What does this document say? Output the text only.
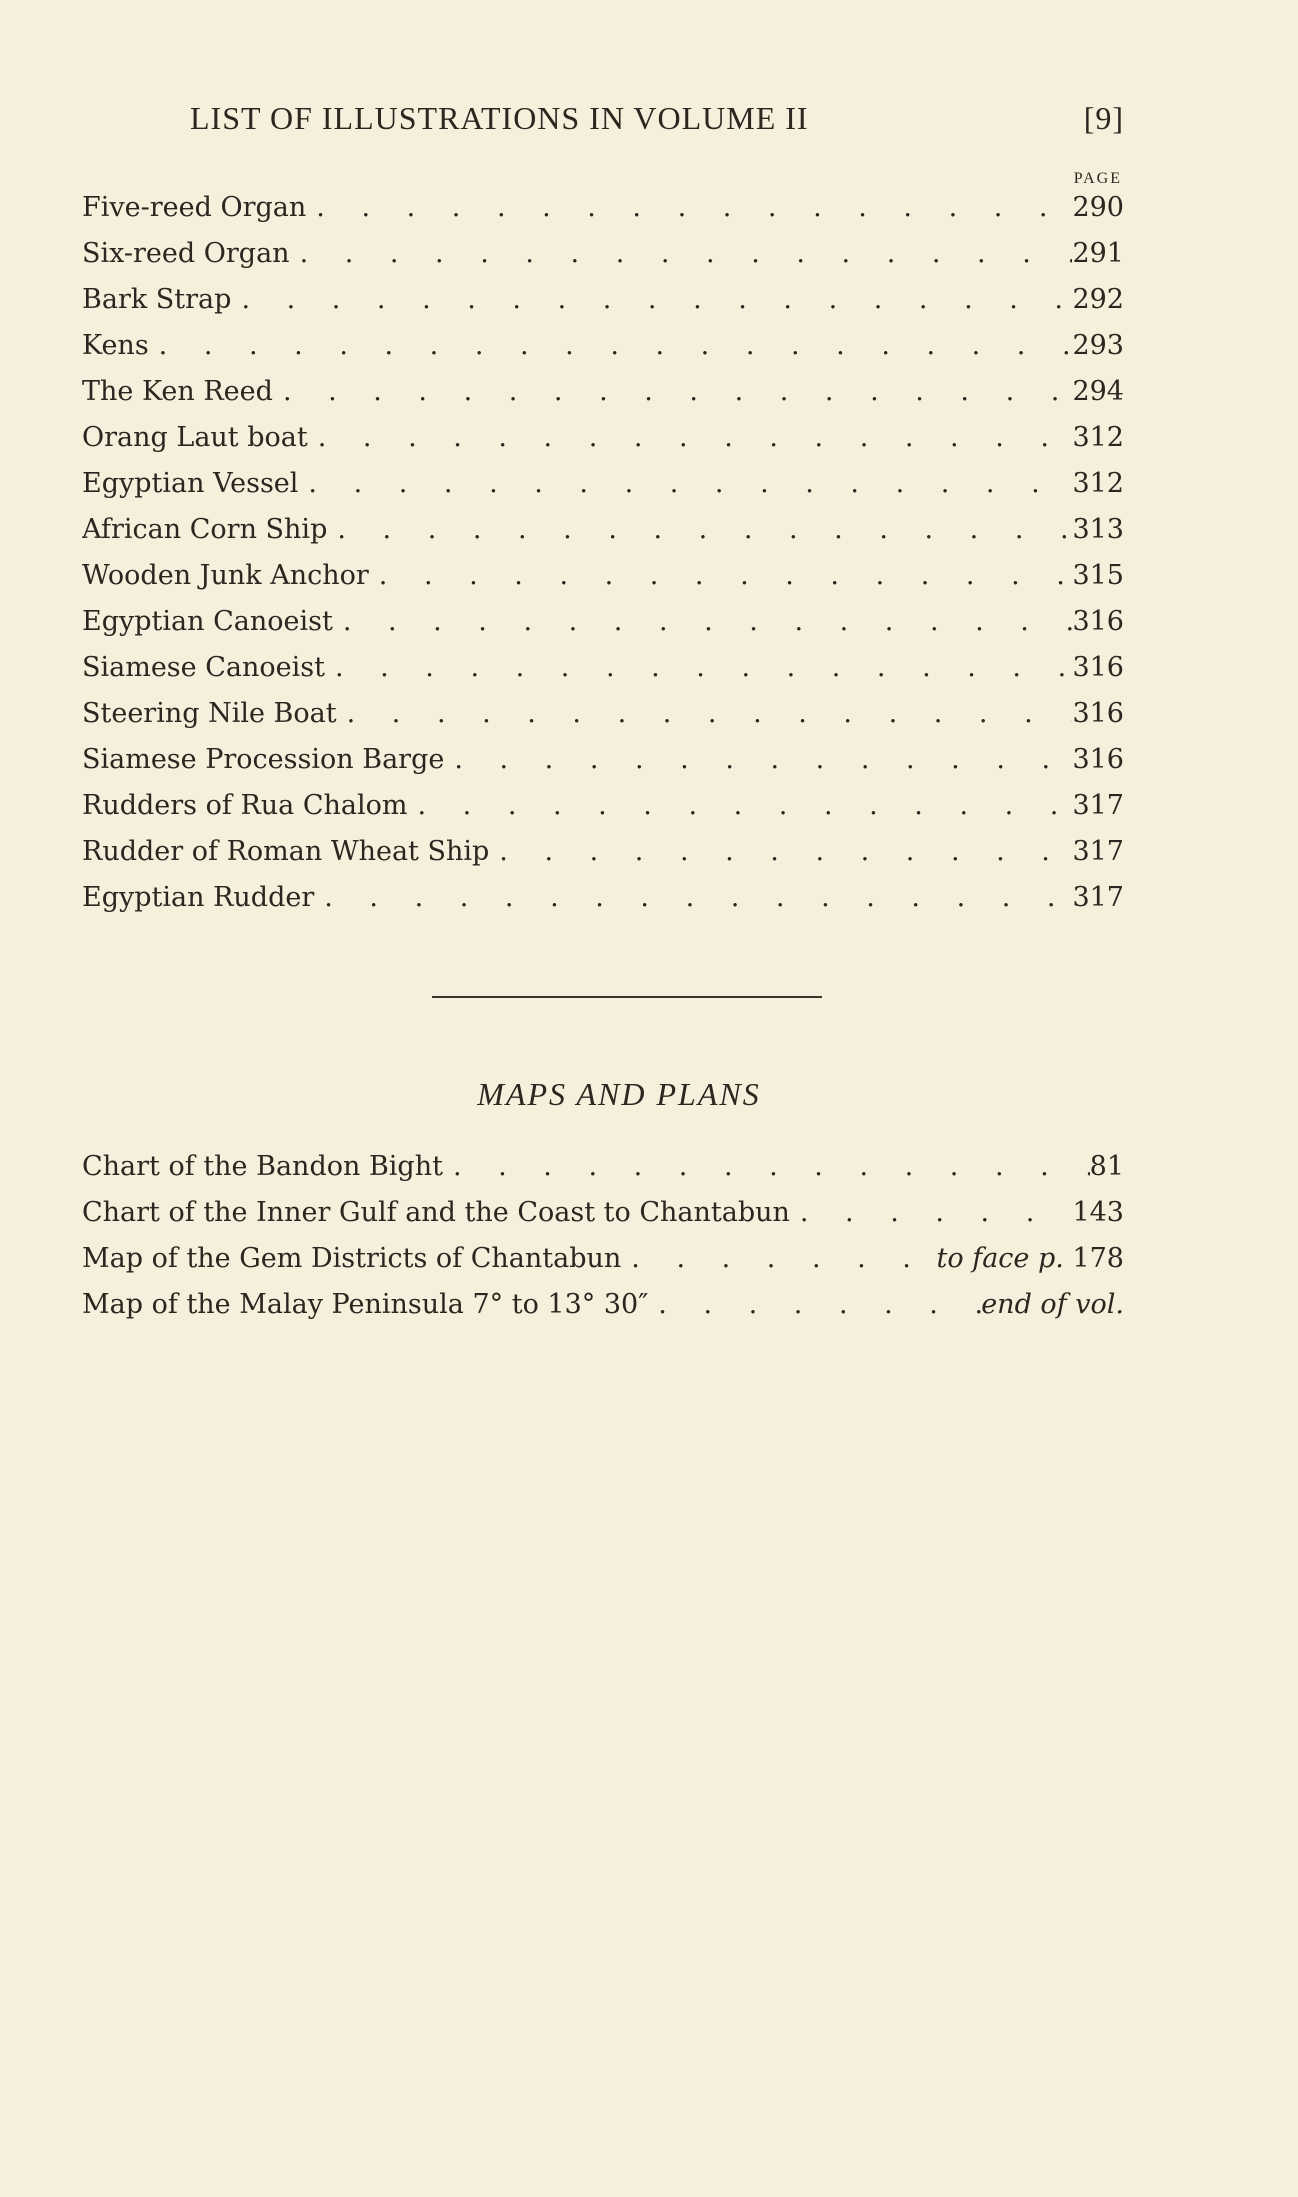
LIST OF ILLUSTRATIONS IN VOLUME II	[9]
PAGE
Five-reed Organ . . .	290
Six-reed Organ . . .	291
Bark Strap . . .	292
Kens . . .	293
The Ken Reed . . .	294
Orang Laut boat . . .	312
Egyptian Vessel . . .	312
African Corn Ship . . .	313
Wooden Junk Anchor . . .	315
Egyptian Canoeist . . .	316
Siamese Canoeist . . .	316
Steering Nile Boat . . .	316
Siamese Procession Barge . . .	316
Rudders of Rua Chalom . . .	317
Rudder of Roman Wheat Ship . . .	317
Egyptian Rudder . . .	317
MAPS AND PLANS
Chart of the Bandon Bight . . .	81
Chart of the Inner Gulf and the Coast to Chantabun . . .	143
Map of the Gem Districts of Chantabun . . .	to face p. 178
Map of the Malay Peninsula 7° to 13° 30″ . . .	end of vol.
